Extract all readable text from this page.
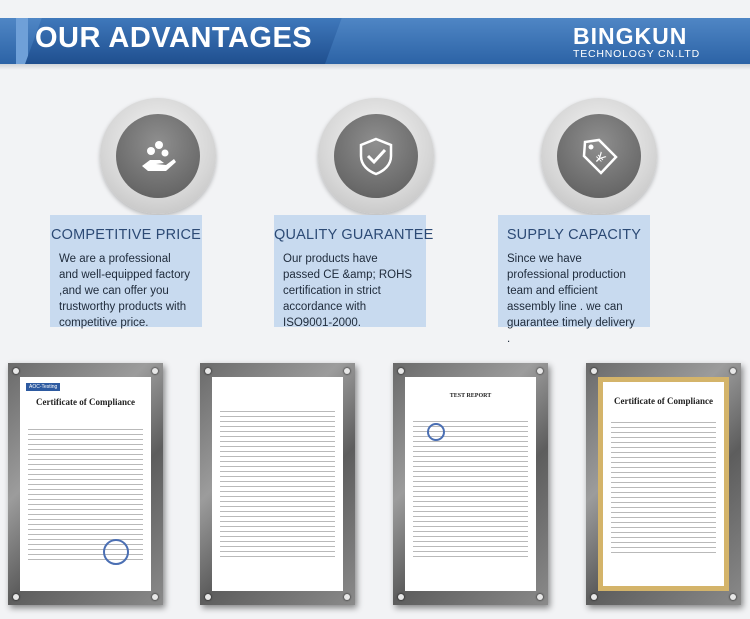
OUR ADVANTAGES	BINGKUN
TECHNOLOGY CN.LTD
¥
COMPETITIVE PRICE
We are a professional and well-equipped factory ,and we can offer you trustworthy products with competitive price.
QUALITY GUARANTEE
Our products have passed CE &amp; ROHS certification in strict accordance with ISO9001-2000.
SUPPLY CAPACITY
Since we have professional production team and efficient assembly line . we can guarantee timely delivery .
AOC-Testing
Certificate of Compliance
TEST REPORT	Certificate of Compliance
